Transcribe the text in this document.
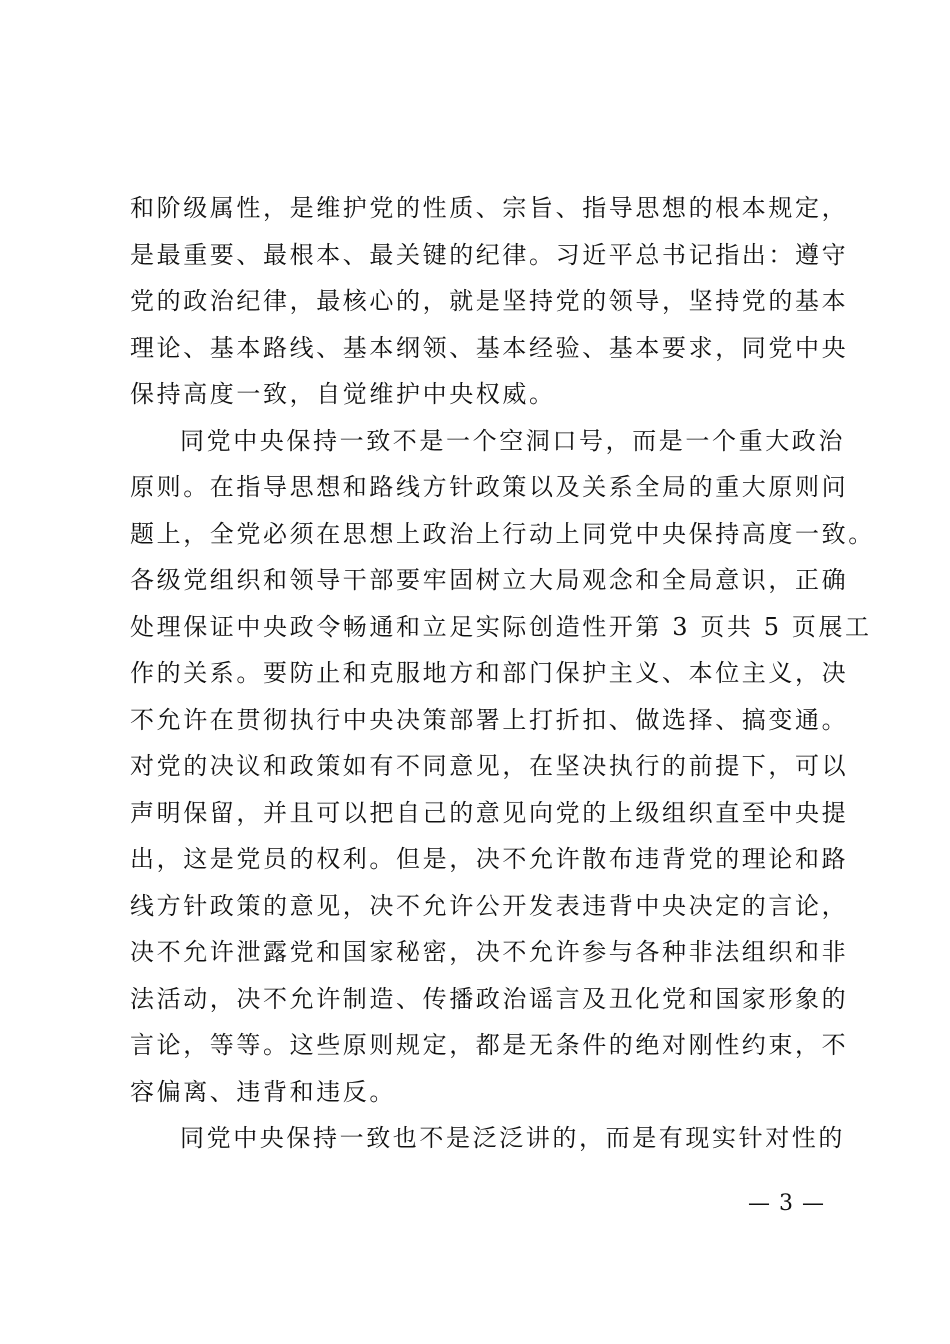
和阶级属性，是维护党的性质、宗旨、指导思想的根本规定，
是最重要、最根本、最关键的纪律。习近平总书记指出：遵守
党的政治纪律，最核心的，就是坚持党的领导，坚持党的基本
理论、基本路线、基本纲领、基本经验、基本要求，同党中央
保持高度一致，自觉维护中央权威。
同党中央保持一致不是一个空洞口号，而是一个重大政治
原则。在指导思想和路线方针政策以及关系全局的重大原则问
题上，全党必须在思想上政治上行动上同党中央保持高度一致。
各级党组织和领导干部要牢固树立大局观念和全局意识，正确
处理保证中央政令畅通和立足实际创造性开第 3 页共 5 页展工
作的关系。要防止和克服地方和部门保护主义、本位主义，决
不允许在贯彻执行中央决策部署上打折扣、做选择、搞变通。
对党的决议和政策如有不同意见，在坚决执行的前提下，可以
声明保留，并且可以把自己的意见向党的上级组织直至中央提
出，这是党员的权利。但是，决不允许散布违背党的理论和路
线方针政策的意见，决不允许公开发表违背中央决定的言论，
决不允许泄露党和国家秘密，决不允许参与各种非法组织和非
法活动，决不允许制造、传播政治谣言及丑化党和国家形象的
言论，等等。这些原则规定，都是无条件的绝对刚性约束，不
容偏离、违背和违反。
同党中央保持一致也不是泛泛讲的，而是有现实针对性的
— 3 —
